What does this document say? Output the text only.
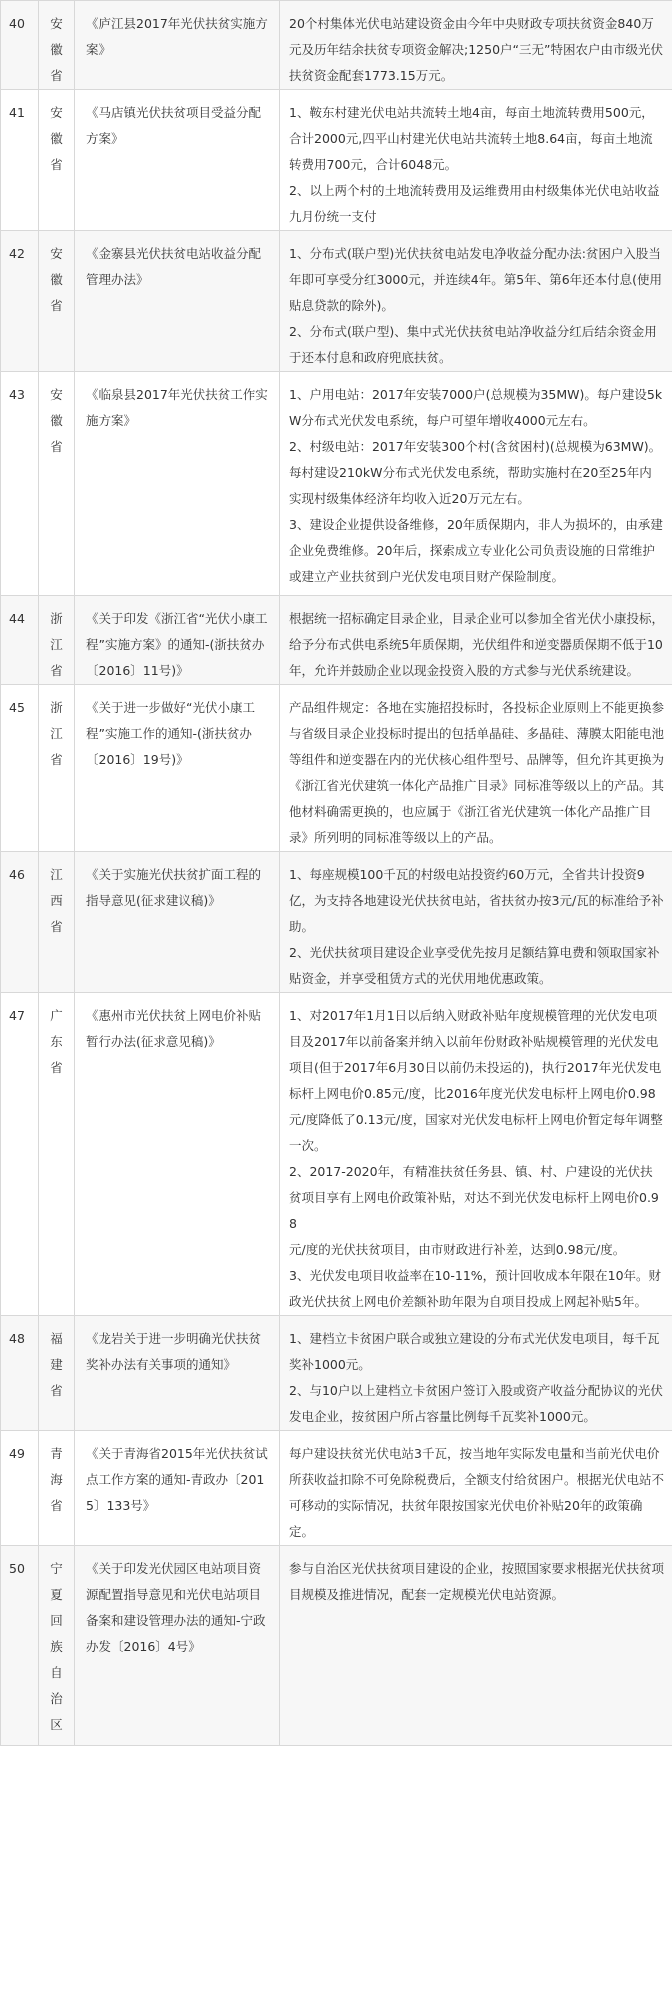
40	安徽省	《庐江县2017年光伏扶贫实施方案》	20个村集体光伏电站建设资金由今年中央财政专项扶贫资金840万元及历年结余扶贫专项资金解决;1250户“三无”特困农户由市级光伏扶贫资金配套1773.15万元。

41	安徽省	《马店镇光伏扶贫项目受益分配方案》	1、鞍东村建光伏电站共流转土地4亩，每亩土地流转费用500元，合计2000元,四平山村建光伏电站共流转土地8.64亩，每亩土地流转费用700元，合计6048元。
2、以上两个村的土地流转费用及运维费用由村级集体光伏电站收益九月份统一支付

42	安徽省	《金寨县光伏扶贫电站收益分配管理办法》	1、分布式(联户型)光伏扶贫电站发电净收益分配办法:贫困户入股当年即可享受分红3000元，并连续4年。第5年、第6年还本付息(使用贴息贷款的除外)。
2、分布式(联户型)、集中式光伏扶贫电站净收益分红后结余资金用于还本付息和政府兜底扶贫。

43	安徽省	《临泉县2017年光伏扶贫工作实施方案》	1、户用电站：2017年安装7000户(总规模为35MW)。每户建设5kW分布式光伏发电系统，每户可望年增收4000元左右。
2、村级电站：2017年安装300个村(含贫困村)(总规模为63MW)。每村建设210kW分布式光伏发电系统，帮助实施村在20至25年内实现村级集体经济年均收入近20万元左右。
3、建设企业提供设备维修，20年质保期内，非人为损坏的，由承建企业免费维修。20年后，探索成立专业化公司负责设施的日常维护或建立产业扶贫到户光伏发电项目财产保险制度。

44	浙江省	《关于印发《浙江省“光伏小康工程”实施方案》的通知-(浙扶贫办〔2016〕11号)》	根据统一招标确定目录企业，目录企业可以参加全省光伏小康投标，给予分布式供电系统5年质保期，光伏组件和逆变器质保期不低于10年，允许并鼓励企业以现金投资入股的方式参与光伏系统建设。

45	浙江省	《关于进一步做好“光伏小康工程”实施工作的通知-(浙扶贫办〔2016〕19号)》	产品组件规定：各地在实施招投标时，各投标企业原则上不能更换参与省级目录企业投标时提出的包括单晶硅、多晶硅、薄膜太阳能电池等组件和逆变器在内的光伏核心组件型号、品牌等，但允许其更换为《浙江省光伏建筑一体化产品推广目录》同标准等级以上的产品。其他材料确需更换的，也应属于《浙江省光伏建筑一体化产品推广目录》所列明的同标准等级以上的产品。

46	江西省	《关于实施光伏扶贫扩面工程的指导意见(征求建议稿)》	1、每座规模100千瓦的村级电站投资约60万元，全省共计投资9亿，为支持各地建设光伏扶贫电站，省扶贫办按3元/瓦的标准给予补助。
2、光伏扶贫项目建设企业享受优先按月足额结算电费和领取国家补贴资金，并享受租赁方式的光伏用地优惠政策。

47	广东省	《惠州市光伏扶贫上网电价补贴暂行办法(征求意见稿)》	1、对2017年1月1日以后纳入财政补贴年度规模管理的光伏发电项目及2017年以前备案并纳入以前年份财政补贴规模管理的光伏发电项目(但于2017年6月30日以前仍未投运的)，执行2017年光伏发电标杆上网电价0.85元/度，比2016年度光伏发电标杆上网电价0.98元/度降低了0.13元/度，国家对光伏发电标杆上网电价暂定每年调整一次。
2、2017-2020年，有精准扶贫任务县、镇、村、户建设的光伏扶贫项目享有上网电价政策补贴，对达不到光伏发电标杆上网电价0.98
元/度的光伏扶贫项目，由市财政进行补差，达到0.98元/度。
3、光伏发电项目收益率在10-11%，预计回收成本年限在10年。财政光伏扶贫上网电价差额补助年限为自项目投成上网起补贴5年。

48	福建省	《龙岩关于进一步明确光伏扶贫奖补办法有关事项的通知》	1、建档立卡贫困户联合或独立建设的分布式光伏发电项目，每千瓦奖补1000元。
2、与10户以上建档立卡贫困户签订入股或资产收益分配协议的光伏发电企业，按贫困户所占容量比例每千瓦奖补1000元。

49	青海省	《关于青海省2015年光伏扶贫试点工作方案的通知-青政办〔2015〕133号》	每户建设扶贫光伏电站3千瓦，按当地年实际发电量和当前光伏电价所获收益扣除不可免除税费后，全额支付给贫困户。根据光伏电站不可移动的实际情况，扶贫年限按国家光伏电价补贴20年的政策确定。

50	宁夏回族自治区	《关于印发光伏园区电站项目资源配置指导意见和光伏电站项目备案和建设管理办法的通知-宁政办发〔2016〕4号》	参与自治区光伏扶贫项目建设的企业，按照国家要求根据光伏扶贫项目规模及推进情况，配套一定规模光伏电站资源。
